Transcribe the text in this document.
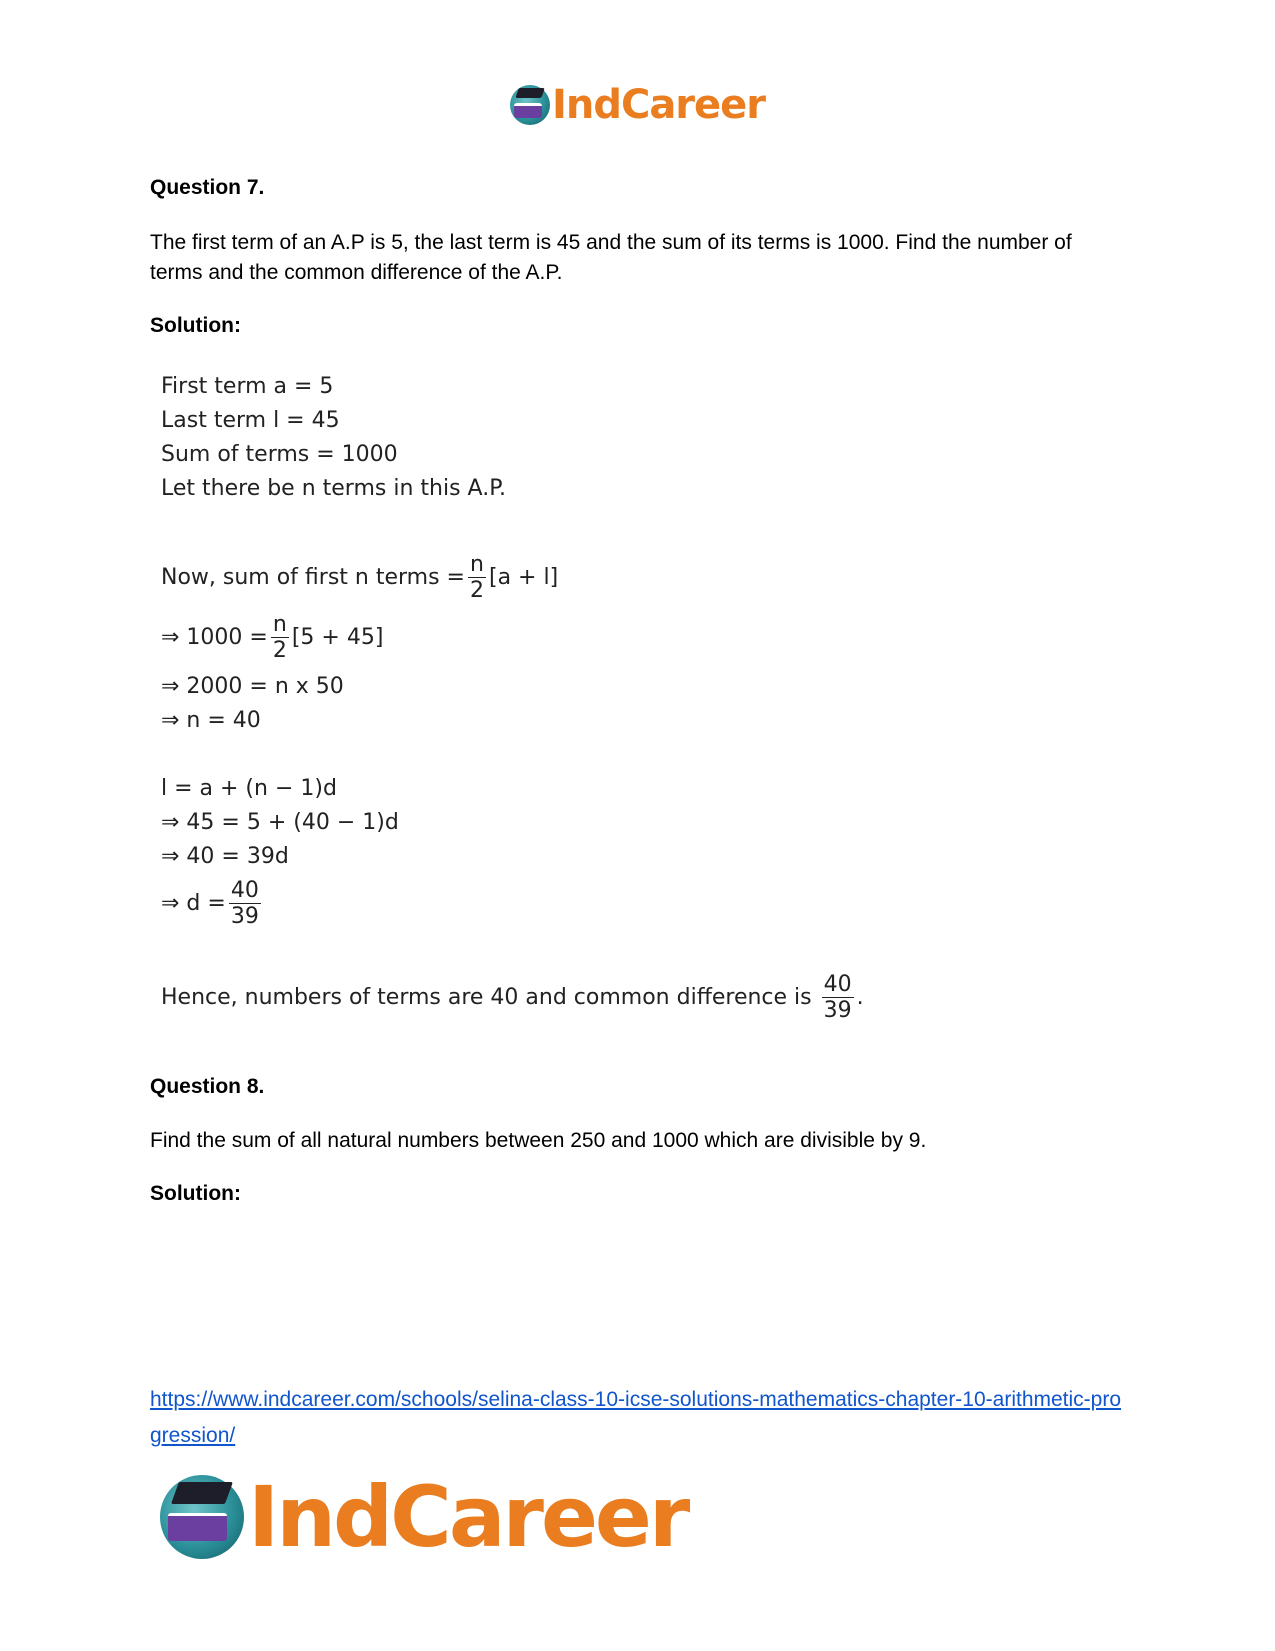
IndCareer
Question 7.
The first term of an A.P is 5, the last term is 45 and the sum of its terms is 1000. Find the number of terms and the common difference of the A.P.
Solution:
First term a = 5
Last term l = 45
Sum of terms = 1000
Let there be n terms in this A.P.
Now, sum of first n terms = $\frac{n}{2} [a + l]$
⇒ $1000 = \frac{n}{2} [5 + 45]$
⇒ 2000 = n x 50
⇒ n = 40
l = a + (n − 1)d
⇒ 45 = 5 + (40 − 1)d
⇒ 40 = 39d
⇒ $d = \frac{40}{39}$
Hence, numbers of terms are 40 and common difference is $\frac{40}{39}$ .
Question 8.
Find the sum of all natural numbers between 250 and 1000 which are divisible by 9.
Solution:
https://www.indcareer.com/schools/selina-class-10-icse-solutions-mathematics-chapter-10-arithmetic-progression/
IndCareer
